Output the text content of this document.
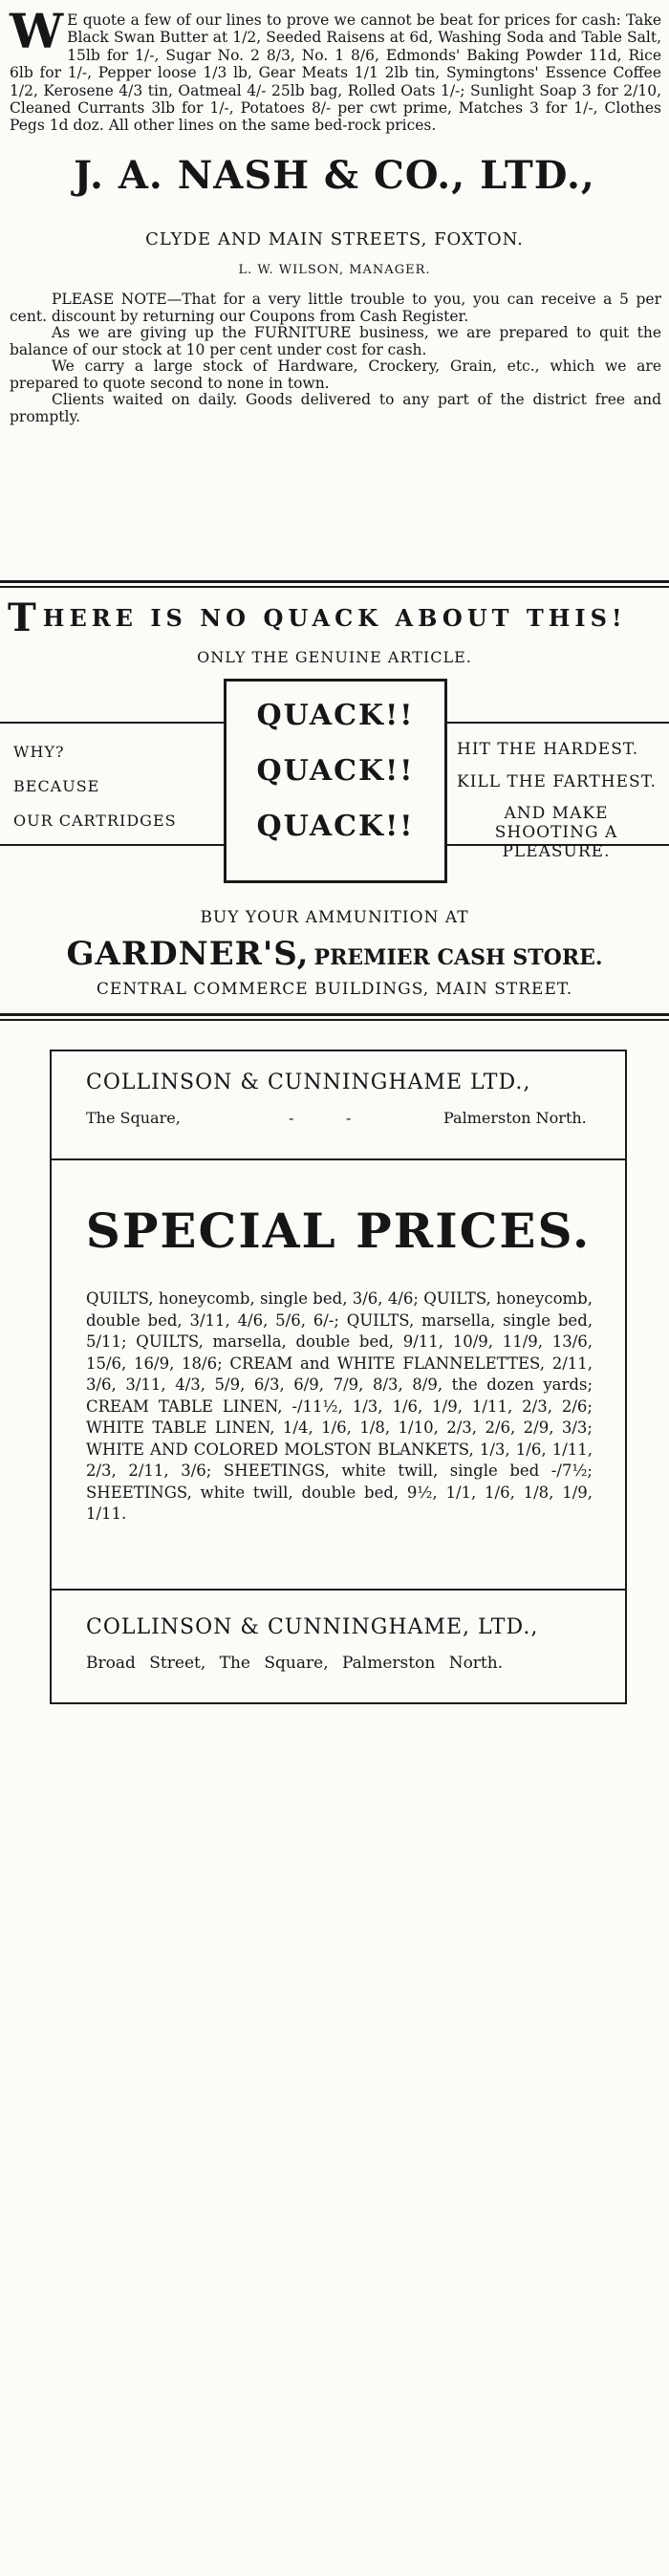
W E quote a few of our lines to prove we cannot be beat for prices for cash: Take Black Swan Butter at 1/2, Seeded Raisens at 6d, Washing Soda and Table Salt, 15lb for 1/-, Sugar No. 2 8/3, No. 1 8/6, Edmonds' Baking Powder 11d, Rice 6lb for 1/-, Pepper loose 1/3 lb, Gear Meats 1/1 2lb tin, Symingtons' Essence Coffee 1/2, Kerosene 4/3 tin, Oatmeal 4/- 25lb bag, Rolled Oats 1/-; Sunlight Soap 3 for 2/10, Cleaned Currants 3lb for 1/-, Potatoes 8/- per cwt prime, Matches 3 for 1/-, Clothes Pegs 1d doz. All other lines on the same bed-rock prices.
J. A. NASH & CO., LTD.,
CLYDE AND MAIN STREETS, FOXTON.
L. W. WILSON, MANAGER.

PLEASE NOTE—That for a very little trouble to you, you can receive a 5 per cent. discount by returning our Coupons from Cash Register.

As we are giving up the FURNITURE business, we are prepared to quit the balance of our stock at 10 per cent under cost for cash.

We carry a large stock of Hardware, Crockery, Grain, etc., which we are prepared to quote second to none in town.

Clients waited on daily. Goods delivered to any part of the district free and promptly.

THERE IS NO QUACK ABOUT THIS!
ONLY THE GENUINE ARTICLE.
WHY?
BECAUSE
OUR CARTRIDGES
QUACK!!
QUACK!!
QUACK!!
HIT THE HARDEST.
KILL THE FARTHEST.
AND MAKE SHOOTING A PLEASURE.
BUY YOUR AMMUNITION AT
GARDNER'S, PREMIER CASH STORE.
CENTRAL COMMERCE BUILDINGS, MAIN STREET.
COLLINSON & CUNNINGHAME LTD.,
The Square,	-	-	Palmerston North.
SPECIAL PRICES.
QUILTS, honeycomb, single bed, 3/6, 4/6; QUILTS, honeycomb, double bed, 3/11, 4/6, 5/6, 6/-; QUILTS, marsella, single bed, 5/11; QUILTS, marsella, double bed, 9/11, 10/9, 11/9, 13/6, 15/6, 16/9, 18/6; CREAM and WHITE FLANNELETTES, 2/11, 3/6, 3/11, 4/3, 5/9, 6/3, 6/9, 7/9, 8/3, 8/9, the dozen yards; CREAM TABLE LINEN, -/11½, 1/3, 1/6, 1/9, 1/11, 2/3, 2/6; WHITE TABLE LINEN, 1/4, 1/6, 1/8, 1/10, 2/3, 2/6, 2/9, 3/3; WHITE AND COLORED MOLSTON BLANKETS, 1/3, 1/6, 1/11, 2/3, 2/11, 3/6; SHEETINGS, white twill, single bed -/7½; SHEETINGS, white twill, double bed, 9½, 1/1, 1/6, 1/8, 1/9, 1/11.
COLLINSON & CUNNINGHAME, LTD.,
Broad Street, The Square, Palmerston North.
